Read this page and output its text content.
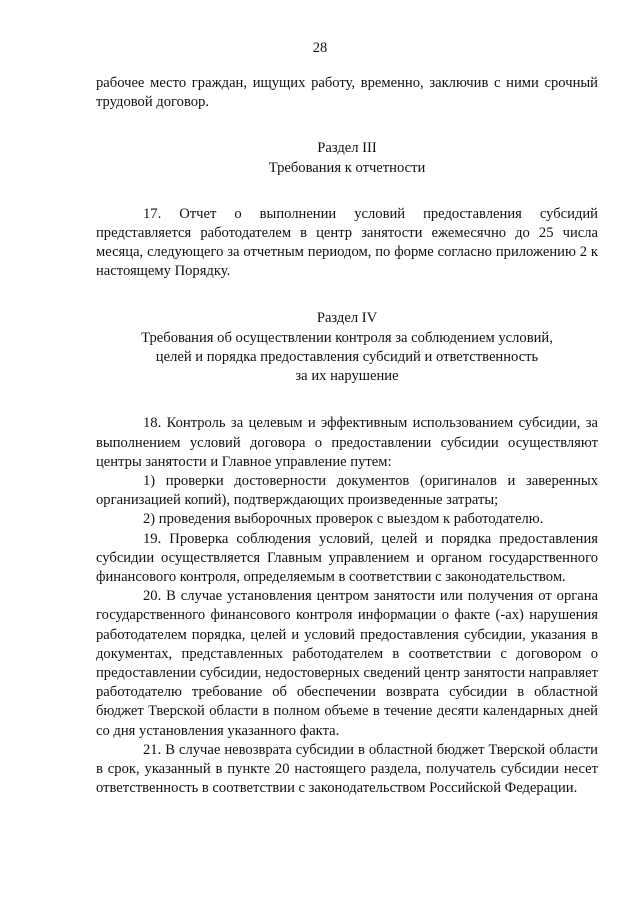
28

рабочее место граждан, ищущих работу, временно, заключив с ними срочный трудовой договор.

Раздел III

Требования к отчетности

17. Отчет о выполнении условий предоставления субсидий представляется работодателем в центр занятости ежемесячно до 25 числа месяца, следующего за отчетным периодом, по форме согласно приложению 2 к настоящему Порядку.

Раздел IV

Требования об осуществлении контроля за соблюдением условий,

целей и порядка предоставления субсидий и ответственность

за их нарушение

18. Контроль за целевым и эффективным использованием субсидии, за выполнением условий договора о предоставлении субсидии осуществляют центры занятости и Главное управление путем:

1) проверки достоверности документов (оригиналов и заверенных организацией копий), подтверждающих произведенные затраты;

2) проведения выборочных проверок с выездом к работодателю.

19. Проверка соблюдения условий, целей и порядка предоставления субсидии осуществляется Главным управлением и органом государственного финансового контроля, определяемым в соответствии с законодательством.

20. В случае установления центром занятости или получения от органа государственного финансового контроля информации о факте (-ах) нарушения работодателем порядка, целей и условий предоставления субсидии, указания в документах, представленных работодателем в соответствии с договором о предоставлении субсидии, недостоверных сведений центр занятости направляет работодателю требование об обеспечении возврата субсидии в областной бюджет Тверской области в полном объеме в течение десяти календарных дней со дня установления указанного факта.

21. В случае невозврата субсидии в областной бюджет Тверской области в срок, указанный в пункте 20 настоящего раздела, получатель субсидии несет ответственность в соответствии с законодательством Российской Федерации.
